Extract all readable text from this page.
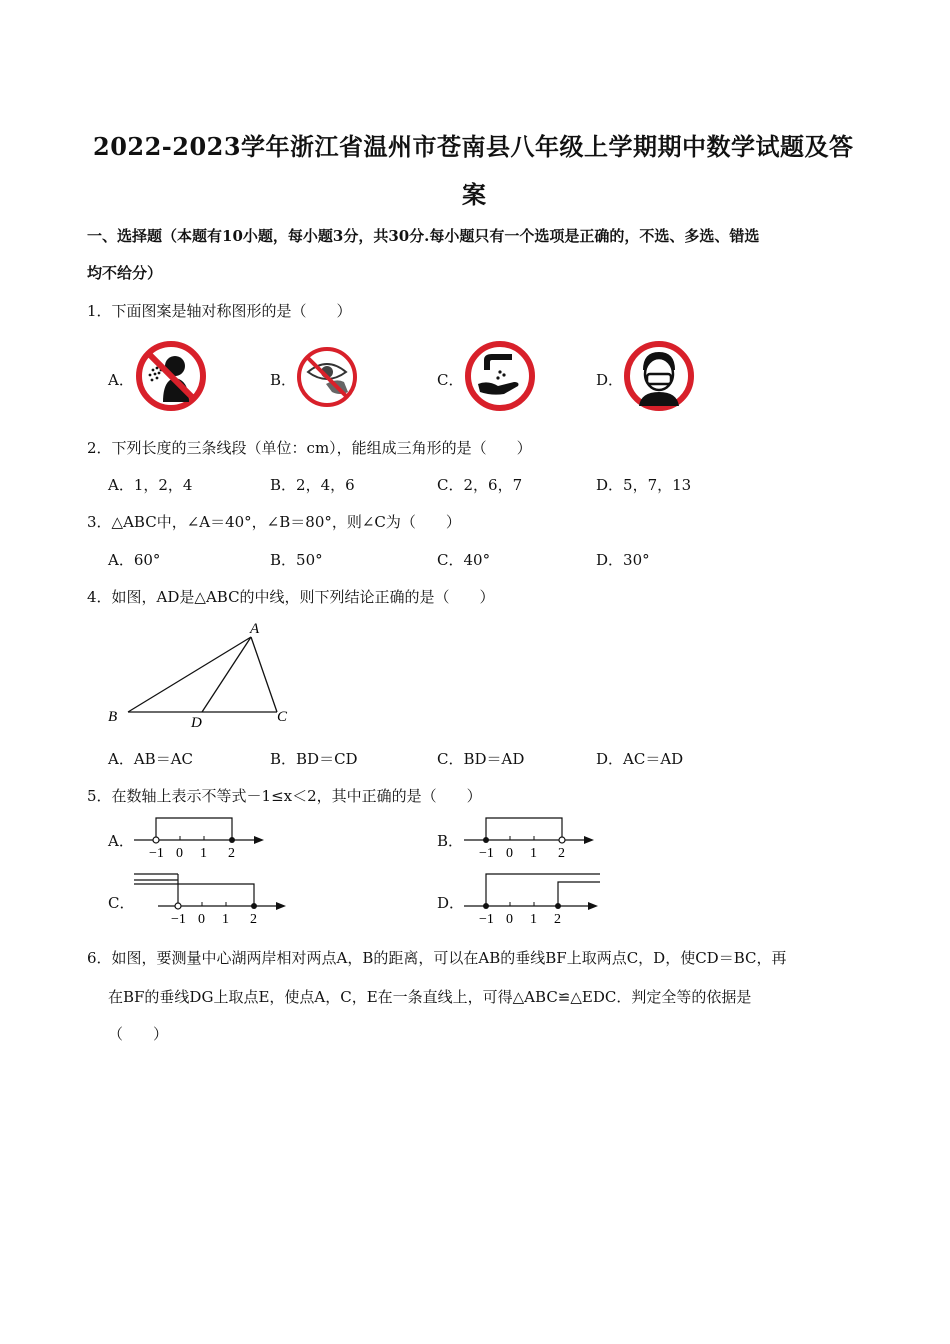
2022-2023学年浙江省温州市苍南县八年级上学期期中数学试题及答
案
一、选择题（本题有10小题，每小题3分，共30分.每小题只有一个选项是正确的，不选、多选、错选
均不给分）
1．下面图案是轴对称图形的是（　　）
A．	B．	C．	D．
2．下列长度的三条线段（单位：cm），能组成三角形的是（　　）
A．1，2，4	B．2，4，6	C．2，6，7	D．5，7，13
3．△ABC中，∠A＝40°，∠B＝80°，则∠C为（　　）
A．60°	B．50°	C．40°	D．30°
4．如图，AD是△ABC的中线，则下列结论正确的是（　　）
A
B	C
D
A．AB＝AC	B．BD＝CD	C．BD＝AD	D．AC＝AD
5．在数轴上表示不等式－1≤x＜2，其中正确的是（　　）
A．	B．
C．	D．
−1 0 1 2	−1 0 1 2
−1 0 1 2	−1 0 1 2
6．如图，要测量中心湖两岸相对两点A，B的距离，可以在AB的垂线BF上取两点C，D，使CD＝BC，再
在BF的垂线DG上取点E，使点A，C，E在一条直线上，可得△ABC≌△EDC．判定全等的依据是
（　　）
